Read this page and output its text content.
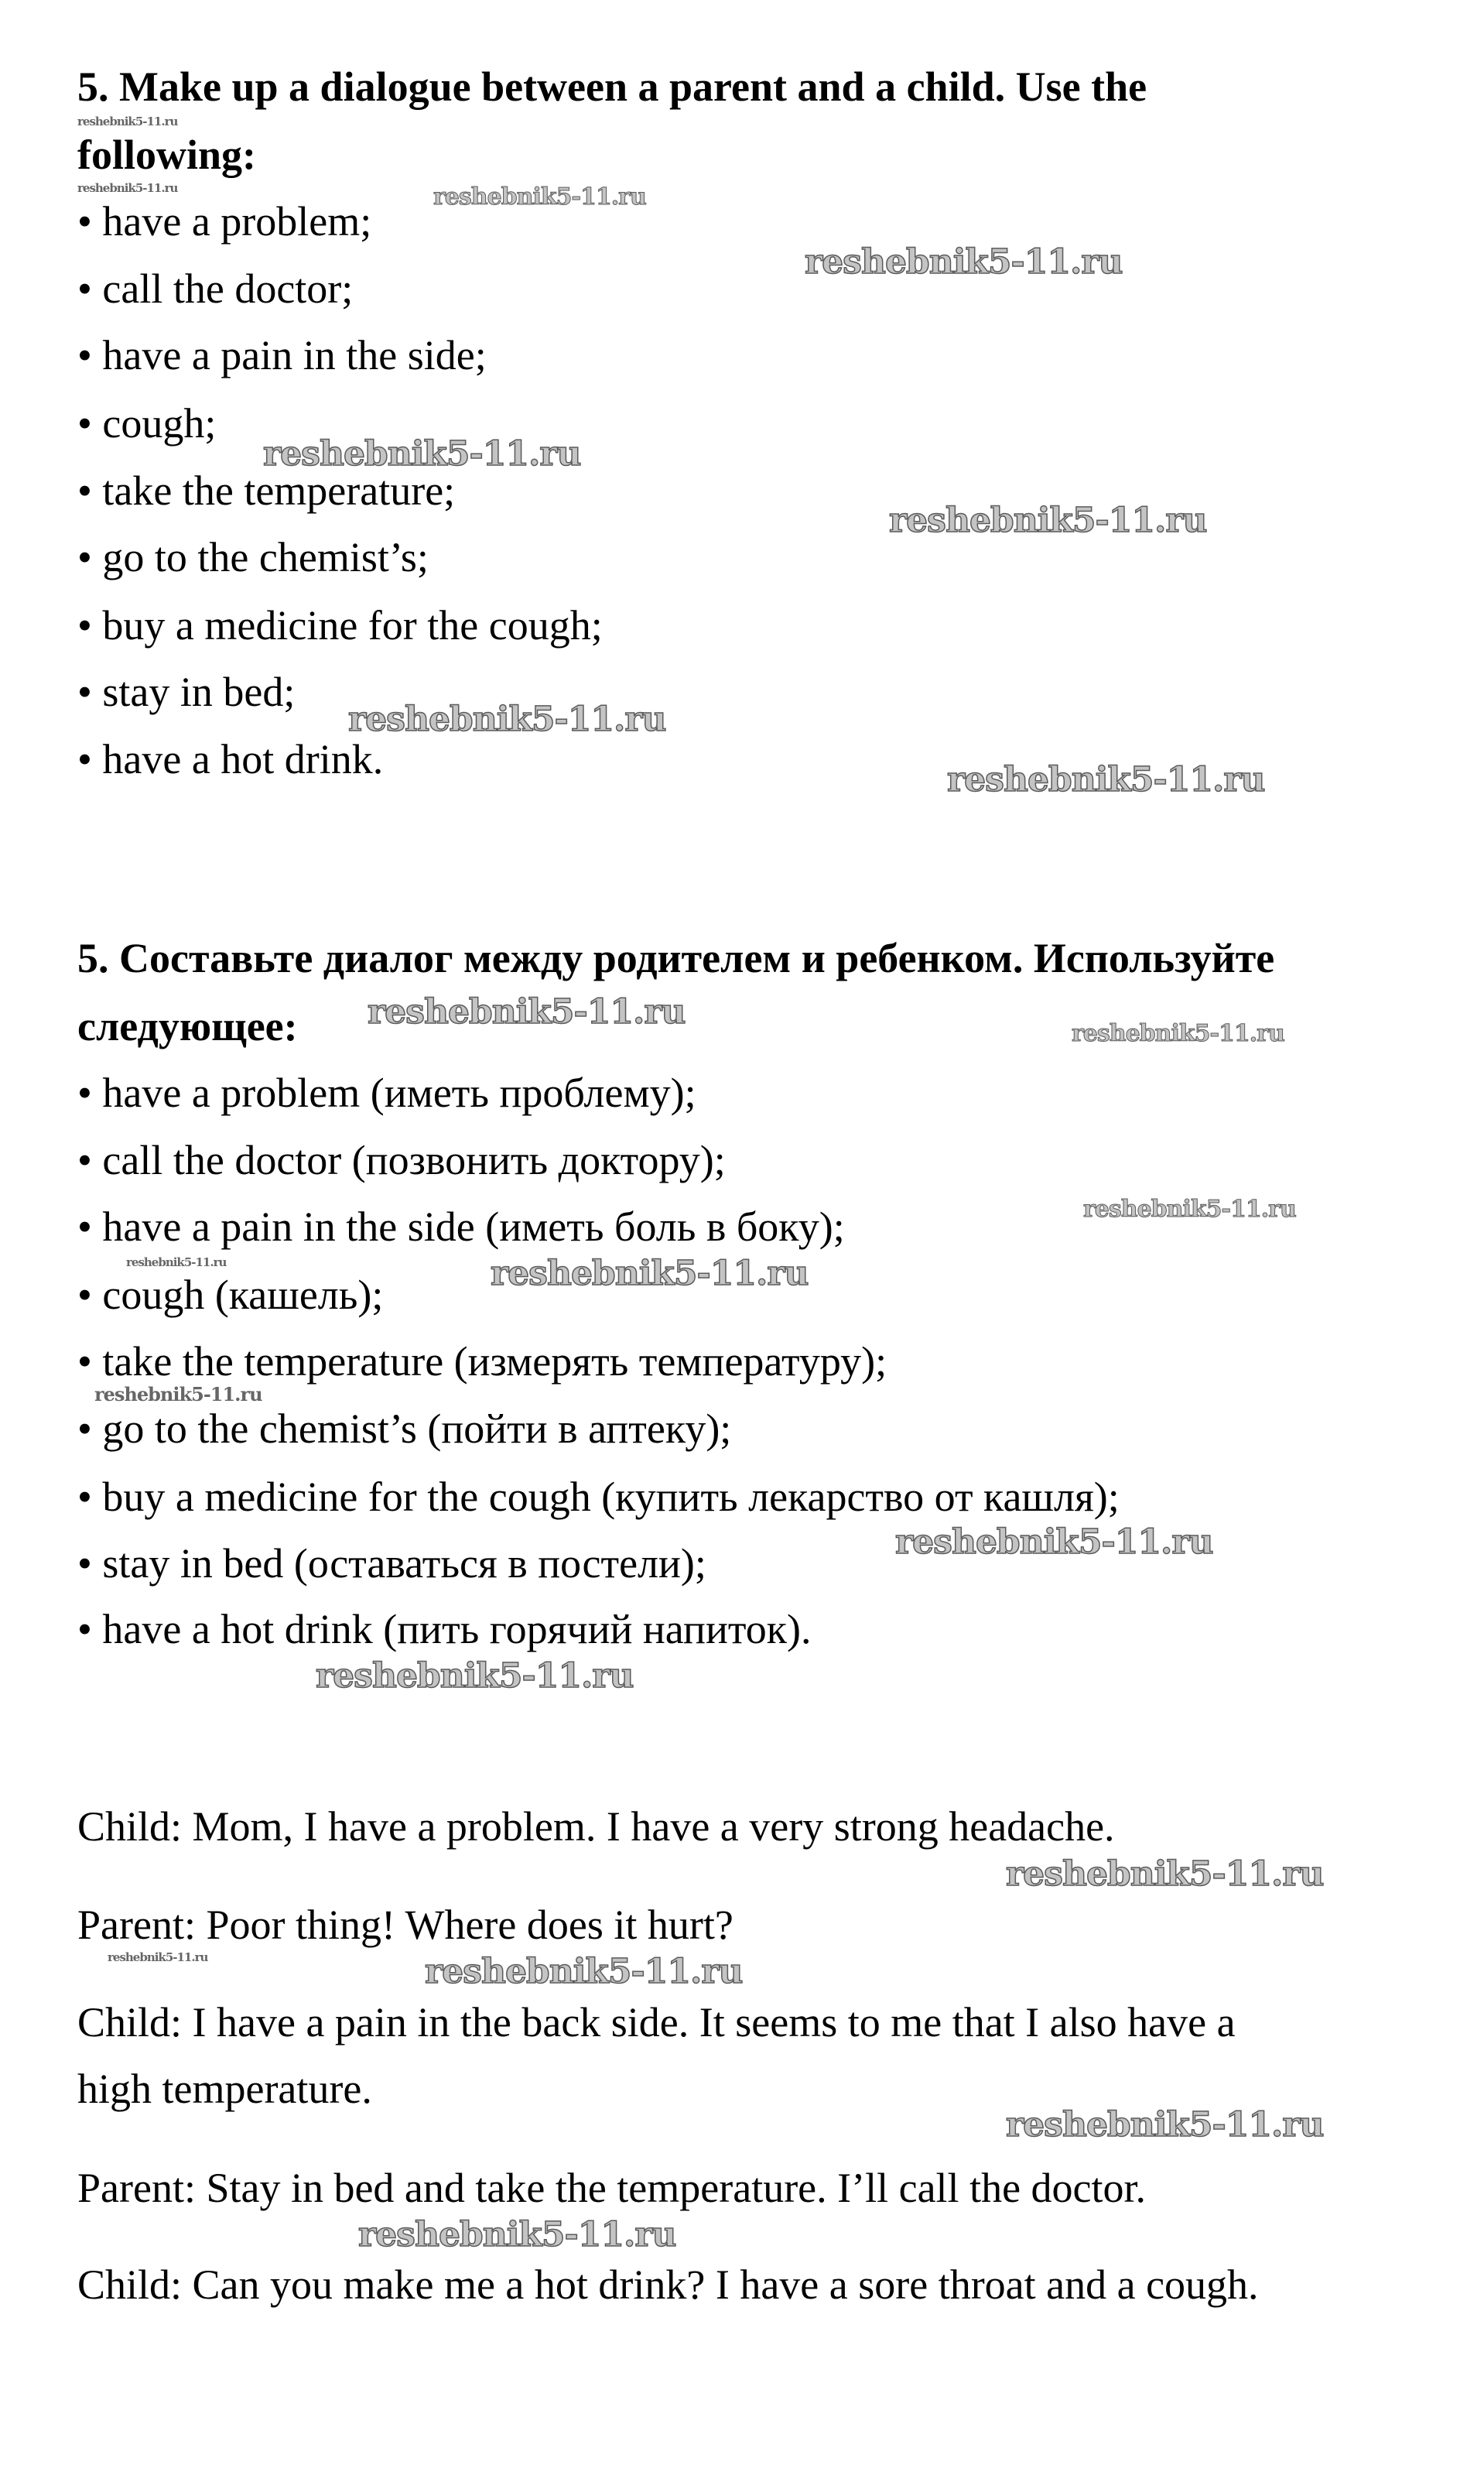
5. Make up a dialogue between a parent and a child. Use the
following:
• have a problem;
• call the doctor;
• have a pain in the side;
• cough;
• take the temperature;
• go to the chemist’s;
• buy a medicine for the cough;
• stay in bed;
• have a hot drink.
5. Составьте диалог между родителем и ребенком. Используйте
следующее:
• have a problem (иметь проблему);
• call the doctor (позвонить доктору);
• have a pain in the side (иметь боль в боку);
• cough (кашель);
• take the temperature (измерять температуру);
• go to the chemist’s (пойти в аптеку);
• buy a medicine for the cough (купить лекарство от кашля);
• stay in bed (оставаться в постели);
• have a hot drink (пить горячий напиток).
Child: Mom, I have a problem. I have a very strong headache.
Parent: Poor thing! Where does it hurt?
Child: I have a pain in the back side. It seems to me that I also have a
high temperature.
Parent: Stay in bed and take the temperature. I’ll call the doctor.
Child: Can you make me a hot drink? I have a sore throat and a cough.
reshebnik5-11.ru
reshebnik5-11.ru	reshebnik5-11.ru
reshebnik5-11.ru
reshebnik5-11.ru
reshebnik5-11.ru
reshebnik5-11.ru
reshebnik5-11.ru
reshebnik5-11.ru
reshebnik5-11.ru
reshebnik5-11.ru
reshebnik5-11.ru	reshebnik5-11.ru
reshebnik5-11.ru
reshebnik5-11.ru
reshebnik5-11.ru
reshebnik5-11.ru
reshebnik5-11.ru	reshebnik5-11.ru
reshebnik5-11.ru
reshebnik5-11.ru
